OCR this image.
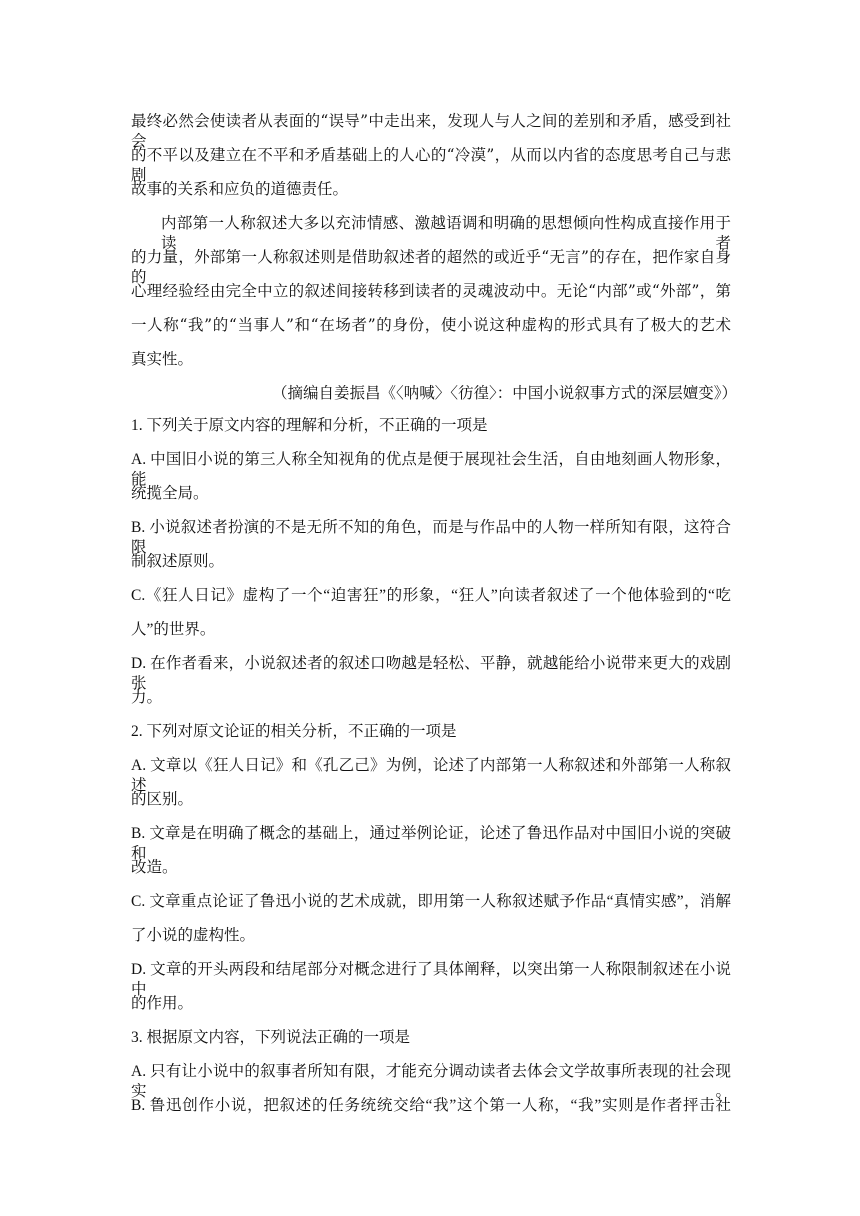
最终必然会使读者从表面的“误导”中走出来，发现人与人之间的差别和矛盾，感受到社会
的不平以及建立在不平和矛盾基础上的人心的“冷漠”，从而以内省的态度思考自己与悲剧
故事的关系和应负的道德责任。
内部第一人称叙述大多以充沛情感、激越语调和明确的思想倾向性构成直接作用于读者
的力量，外部第一人称叙述则是借助叙述者的超然的或近乎“无言”的存在，把作家自身的
心理经验经由完全中立的叙述间接转移到读者的灵魂波动中。无论“内部”或“外部”，第
一人称“我”的“当事人”和“在场者”的身份，使小说这种虚构的形式具有了极大的艺术
真实性。
（摘编自姜振昌《〈呐喊〉〈彷徨〉：中国小说叙事方式的深层嬗变》）
1. 下列关于原文内容的理解和分析，不正确的一项是
A. 中国旧小说的第三人称全知视角的优点是便于展现社会生活，自由地刻画人物形象，能
统揽全局。
B. 小说叙述者扮演的不是无所不知的角色，而是与作品中的人物一样所知有限，这符合限
制叙述原则。
C.《狂人日记》虚构了一个“迫害狂”的形象，“狂人”向读者叙述了一个他体验到的“吃
人”的世界。
D. 在作者看来，小说叙述者的叙述口吻越是轻松、平静，就越能给小说带来更大的戏剧张
力。
2. 下列对原文论证的相关分析，不正确的一项是
A. 文章以《狂人日记》和《孔乙己》为例，论述了内部第一人称叙述和外部第一人称叙述
的区别。
B. 文章是在明确了概念的基础上，通过举例论证，论述了鲁迅作品对中国旧小说的突破和
改造。
C. 文章重点论证了鲁迅小说的艺术成就，即用第一人称叙述赋予作品“真情实感”，消解
了小说的虚构性。
D. 文章的开头两段和结尾部分对概念进行了具体阐释，以突出第一人称限制叙述在小说中
的作用。
3. 根据原文内容，下列说法正确的一项是
A. 只有让小说中的叙事者所知有限，才能充分调动读者去体会文学故事所表现的社会现实。
B. 鲁迅创作小说，把叙述的任务统统交给“我”这个第一人称，“我”实则是作者抨击社
